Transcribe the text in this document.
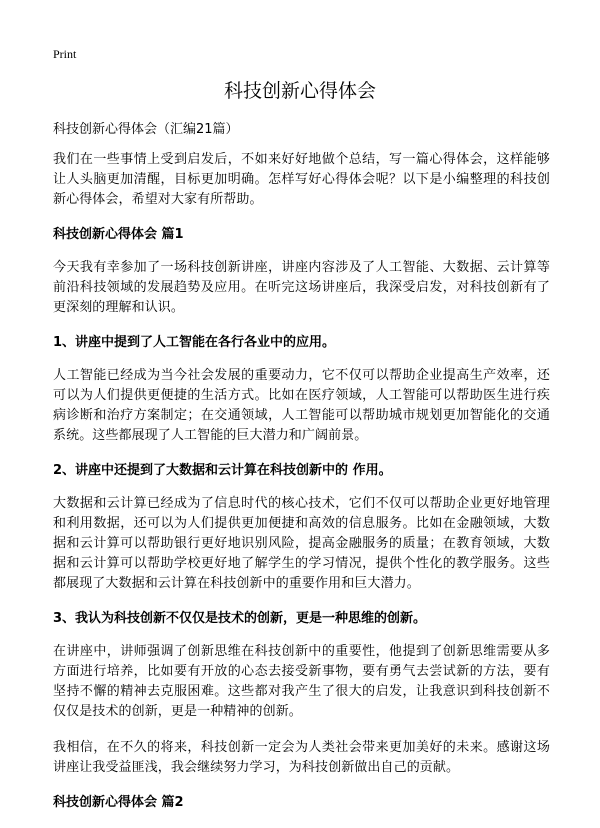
Print
科技创新心得体会
科技创新心得体会（汇编21篇）

我们在一些事情上受到启发后，不如来好好地做个总结，写一篇心得体会，这样能够让人头脑更加清醒，目标更加明确。怎样写好心得体会呢？以下是小编整理的科技创新心得体会，希望对大家有所帮助。

科技创新心得体会 篇1

今天我有幸参加了一场科技创新讲座，讲座内容涉及了人工智能、大数据、云计算等前沿科技领域的发展趋势及应用。在听完这场讲座后，我深受启发，对科技创新有了更深刻的理解和认识。

1、讲座中提到了人工智能在各行各业中的应用。

人工智能已经成为当今社会发展的重要动力，它不仅可以帮助企业提高生产效率，还可以为人们提供更便捷的生活方式。比如在医疗领域，人工智能可以帮助医生进行疾病诊断和治疗方案制定；在交通领域，人工智能可以帮助城市规划更加智能化的交通系统。这些都展现了人工智能的巨大潜力和广阔前景。

2、讲座中还提到了大数据和云计算在科技创新中的 作用。

大数据和云计算已经成为了信息时代的核心技术，它们不仅可以帮助企业更好地管理和利用数据，还可以为人们提供更加便捷和高效的信息服务。比如在金融领域，大数据和云计算可以帮助银行更好地识别风险，提高金融服务的质量；在教育领域，大数据和云计算可以帮助学校更好地了解学生的学习情况，提供个性化的教学服务。这些都展现了大数据和云计算在科技创新中的重要作用和巨大潜力。

3、我认为科技创新不仅仅是技术的创新，更是一种思维的创新。

在讲座中，讲师强调了创新思维在科技创新中的重要性，他提到了创新思维需要从多方面进行培养，比如要有开放的心态去接受新事物，要有勇气去尝试新的方法，要有坚持不懈的精神去克服困难。这些都对我产生了很大的启发，让我意识到科技创新不仅仅是技术的创新，更是一种精神的创新。

我相信，在不久的将来，科技创新一定会为人类社会带来更加美好的未来。感谢这场讲座让我受益匪浅，我会继续努力学习，为科技创新做出自己的贡献。

科技创新心得体会 篇2
